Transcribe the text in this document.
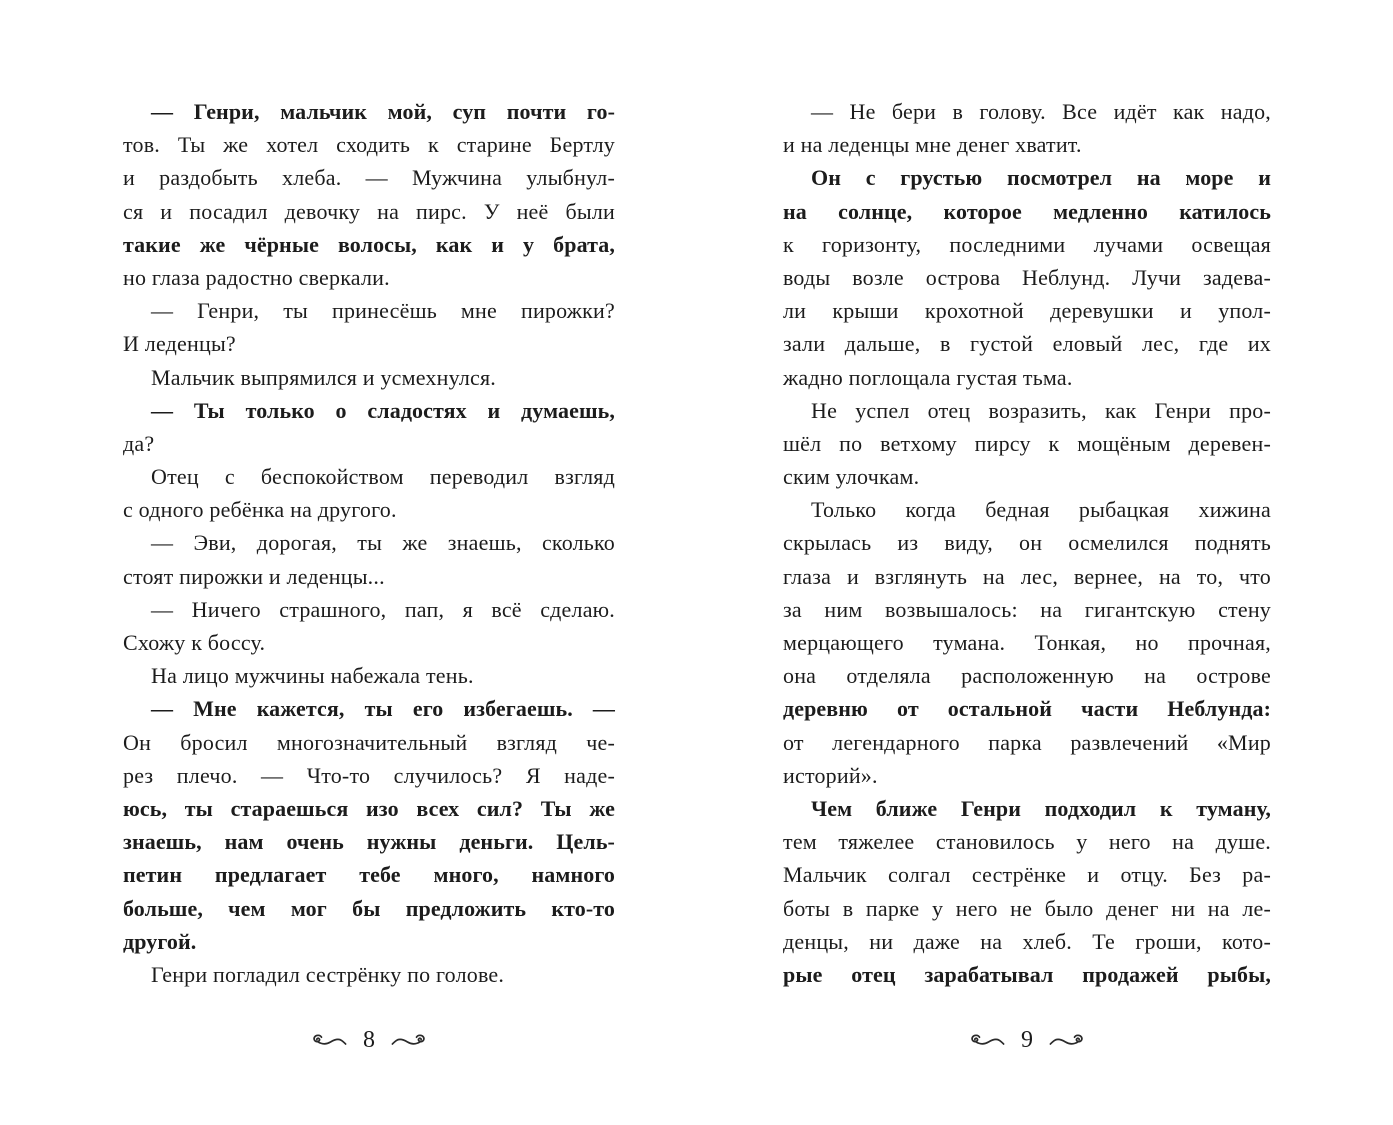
— Генри, мальчик мой, суп почти го-
тов. Ты же хотел сходить к старине Бертлу
и раздобыть хлеба. — Мужчина улыбнул-
ся и посадил девочку на пирс. У неё были
такие же чёрные волосы, как и у брата,
но глаза радостно сверкали.
— Генри, ты принесёшь мне пирожки?
И леденцы?
Мальчик выпрямился и усмехнулся.
— Ты только о сладостях и думаешь,
да?
Отец с беспокойством переводил взгляд
с одного ребёнка на другого.
— Эви, дорогая, ты же знаешь, сколько
стоят пирожки и леденцы...
— Ничего страшного, пап, я всё сделаю.
Схожу к боссу.
На лицо мужчины набежала тень.
— Мне кажется, ты его избегаешь. —
Он бросил многозначительный взгляд че-
рез плечо. — Что-то случилось? Я наде-
юсь, ты стараешься изо всех сил? Ты же
знаешь, нам очень нужны деньги. Цель-
петин предлагает тебе много, намного
больше, чем мог бы предложить кто-то
другой.
Генри погладил сестрёнку по голове.
8
— Не бери в голову. Все идёт как надо,
и на леденцы мне денег хватит.
Он с грустью посмотрел на море и
на солнце, которое медленно катилось
к горизонту, последними лучами освещая
воды возле острова Неблунд. Лучи задева-
ли крыши крохотной деревушки и упол-
зали дальше, в густой еловый лес, где их
жадно поглощала густая тьма.
Не успел отец возразить, как Генри про-
шёл по ветхому пирсу к мощёным деревен-
ским улочкам.
Только когда бедная рыбацкая хижина
скрылась из виду, он осмелился поднять
глаза и взглянуть на лес, вернее, на то, что
за ним возвышалось: на гигантскую стену
мерцающего тумана. Тонкая, но прочная,
она отделяла расположенную на острове
деревню от остальной части Неблунда:
от легендарного парка развлечений «Мир
историй».
Чем ближе Генри подходил к туману,
тем тяжелее становилось у него на душе.
Мальчик солгал сестрёнке и отцу. Без ра-
боты в парке у него не было денег ни на ле-
денцы, ни даже на хлеб. Те гроши, кото-
рые отец зарабатывал продажей рыбы,
9
